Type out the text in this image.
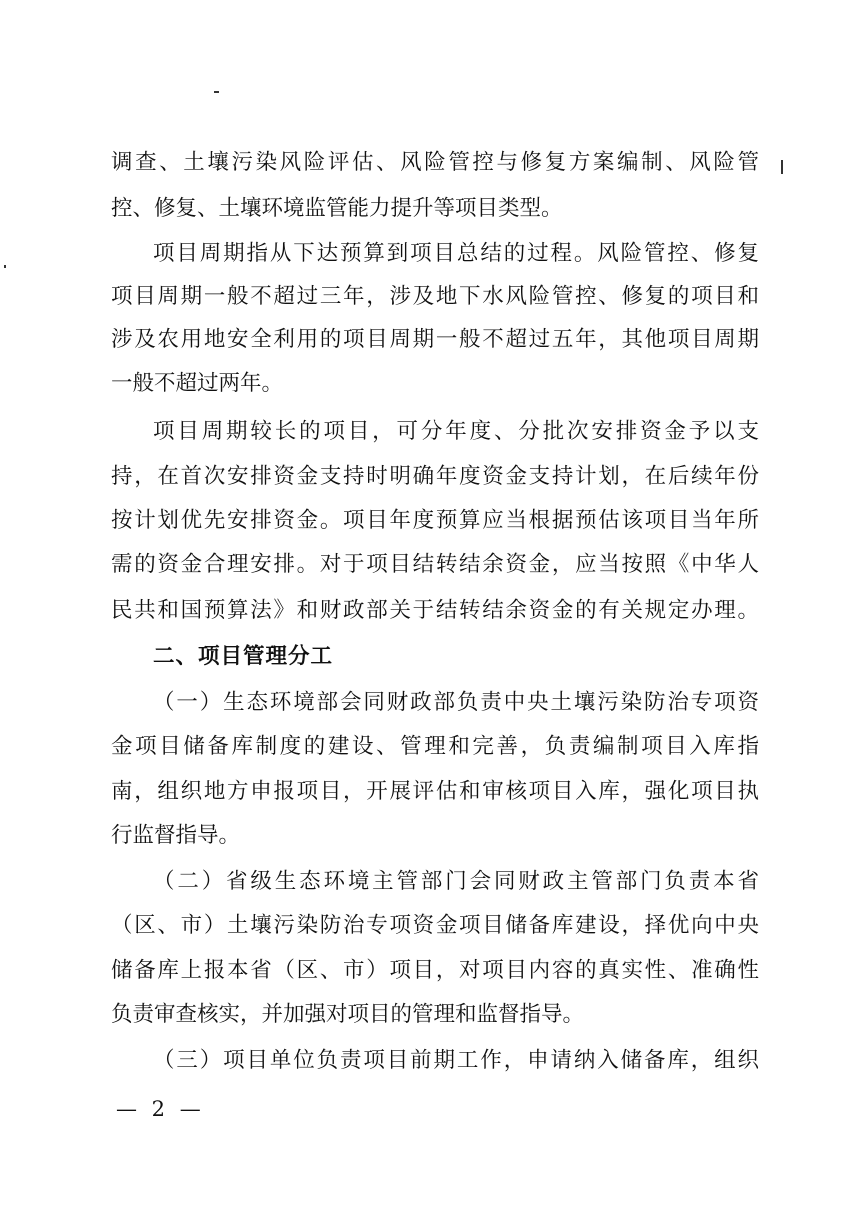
调查、土壤污染风险评估、风险管控与修复方案编制、风险管
控、修复、土壤环境监管能力提升等项目类型。
项目周期指从下达预算到项目总结的过程。风险管控、修复
项目周期一般不超过三年，涉及地下水风险管控、修复的项目和
涉及农用地安全利用的项目周期一般不超过五年，其他项目周期
一般不超过两年。
项目周期较长的项目，可分年度、分批次安排资金予以支
持，在首次安排资金支持时明确年度资金支持计划，在后续年份
按计划优先安排资金。项目年度预算应当根据预估该项目当年所
需的资金合理安排。对于项目结转结余资金，应当按照《中华人
民共和国预算法》和财政部关于结转结余资金的有关规定办理。
二、项目管理分工
（一）生态环境部会同财政部负责中央土壤污染防治专项资
金项目储备库制度的建设、管理和完善，负责编制项目入库指
南，组织地方申报项目，开展评估和审核项目入库，强化项目执
行监督指导。
（二）省级生态环境主管部门会同财政主管部门负责本省
（区、市）土壤污染防治专项资金项目储备库建设，择优向中央
储备库上报本省（区、市）项目，对项目内容的真实性、准确性
负责审查核实，并加强对项目的管理和监督指导。
（三）项目单位负责项目前期工作，申请纳入储备库，组织
— 2 —
